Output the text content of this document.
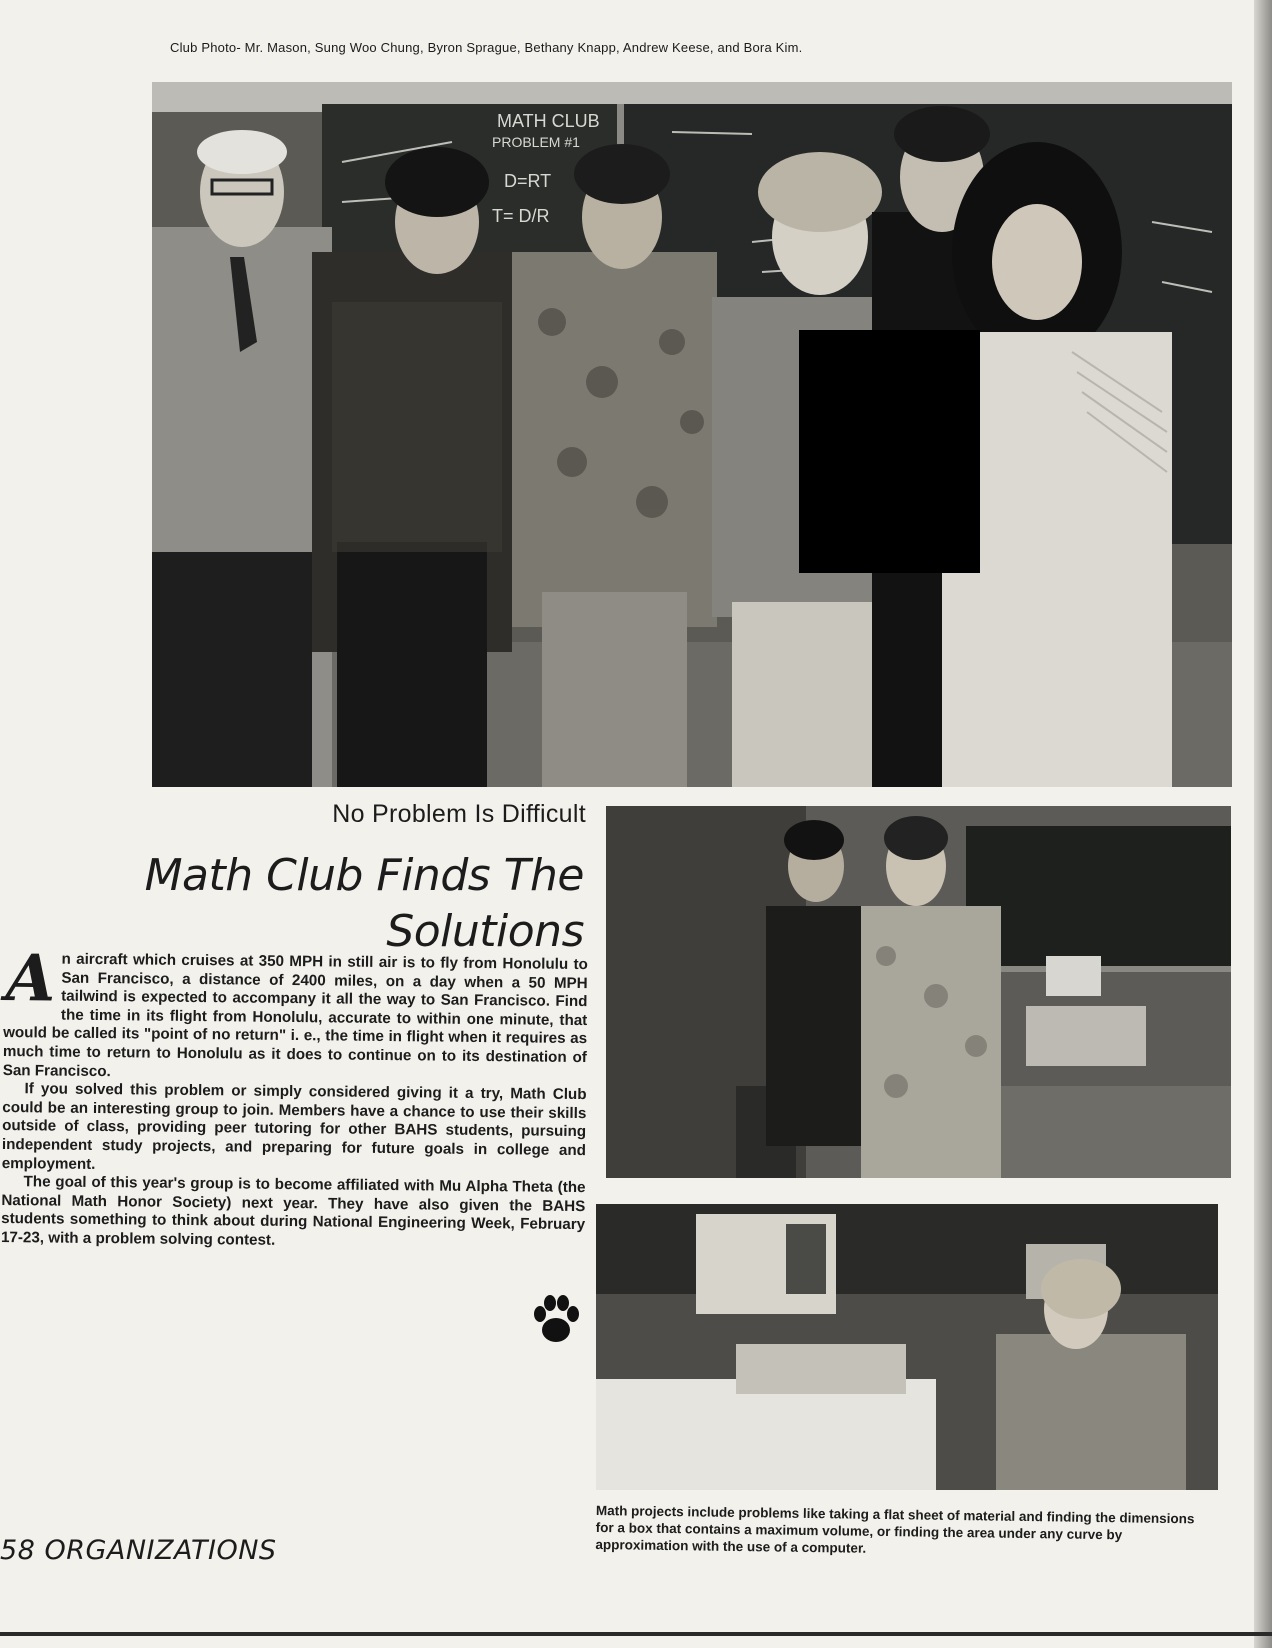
Club Photo- Mr. Mason, Sung Woo Chung, Byron Sprague, Bethany Knapp, Andrew Keese, and Bora Kim.
MATH CLUB
PROBLEM #1
D=RT
T= D/R
No Problem Is Difficult
Math Club Finds The Solutions

An aircraft which cruises at 350 MPH in still air is to fly from Honolulu to San Francisco, a distance of 2400 miles, on a day when a 50 MPH tailwind is expected to accompany it all the way to San Francisco. Find the time in its flight from Honolulu, accurate to within one minute, that would be called its "point of no return" i. e., the time in flight when it requires as much time to return to Honolulu as it does to continue on to its destination of San Francisco.

If you solved this problem or simply considered giving it a try, Math Club could be an interesting group to join. Members have a chance to use their skills outside of class, providing peer tutoring for other BAHS students, pursuing independent study projects, and preparing for future goals in college and employment.

The goal of this year's group is to become affiliated with Mu Alpha Theta (the National Math Honor Society) next year. They have also given the BAHS students something to think about during National Engineering Week, February 17-23, with a problem solving contest.

Math projects include problems like taking a flat sheet of material and finding the dimensions for a box that contains a maximum volume, or finding the area under any curve by approximation with the use of a computer.
58 ORGANIZATIONS
